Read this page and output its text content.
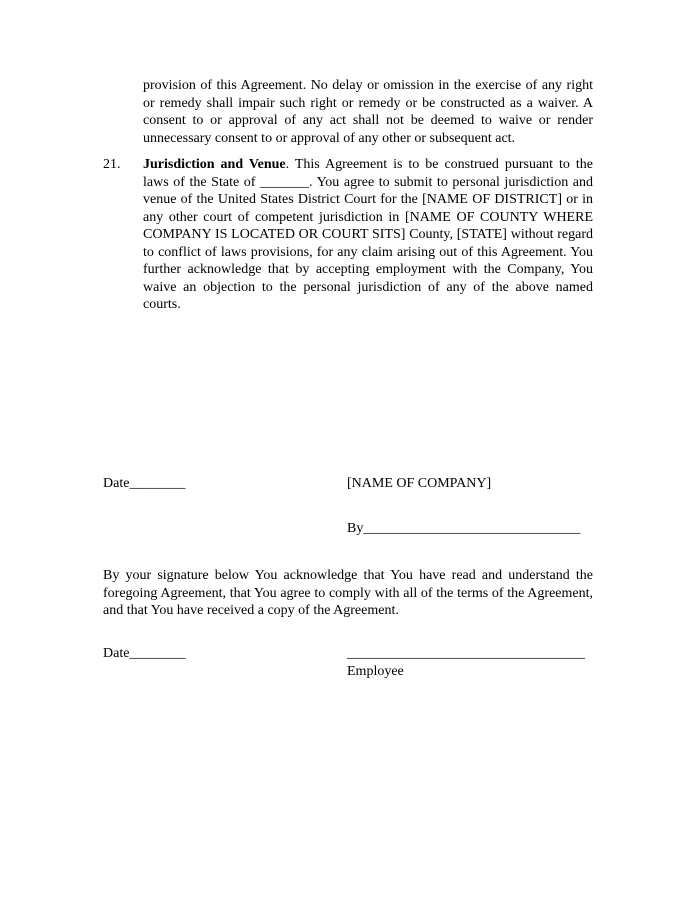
provision of this Agreement. No delay or omission in the exercise of any right or remedy shall impair such right or remedy or be constructed as a waiver. A consent to or approval of any act shall not be deemed to waive or render unnecessary consent to or approval of any other or subsequent act.

21. Jurisdiction and Venue. This Agreement is to be construed pursuant to the laws of the State of _______. You agree to submit to personal jurisdiction and venue of the United States District Court for the [NAME OF DISTRICT] or in any other court of competent jurisdiction in [NAME OF COUNTY WHERE COMPANY IS LOCATED OR COURT SITS] County, [STATE] without regard to conflict of laws provisions, for any claim arising out of this Agreement. You further acknowledge that by accepting employment with the Company, You waive an objection to the personal jurisdiction of any of the above named courts.

Date________	[NAME OF COMPANY]
By_______________________________

By your signature below You acknowledge that You have read and understand the foregoing Agreement, that You agree to comply with all of the terms of the Agreement, and that You have received a copy of the Agreement.

Date________	__________________________________
Employee
